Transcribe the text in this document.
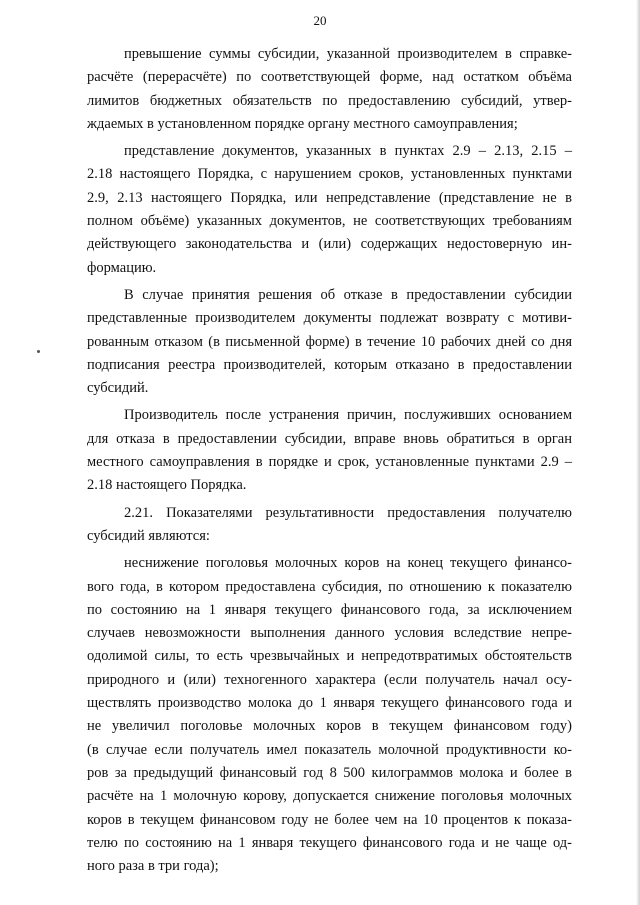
20
превышение суммы субсидии, указанной производителем в справке-
расчёте (перерасчёте) по соответствующей форме, над остатком объёма
лимитов бюджетных обязательств по предоставлению субсидий, утвер-
ждаемых в установленном порядке органу местного самоуправления;
представление документов, указанных в пунктах 2.9 – 2.13, 2.15 –
2.18 настоящего Порядка, с нарушением сроков, установленных пунктами
2.9, 2.13 настоящего Порядка, или непредставление (представление не в
полном объёме) указанных документов, не соответствующих требованиям
действующего законодательства и (или) содержащих недостоверную ин-
формацию.
В случае принятия решения об отказе в предоставлении субсидии
представленные производителем документы подлежат возврату с мотиви-
рованным отказом (в письменной форме) в течение 10 рабочих дней со дня
подписания реестра производителей, которым отказано в предоставлении
субсидий.
Производитель после устранения причин, послуживших основанием
для отказа в предоставлении субсидии, вправе вновь обратиться в орган
местного самоуправления в порядке и срок, установленные пунктами 2.9 –
2.18 настоящего Порядка.
2.21. Показателями результативности предоставления получателю
субсидий являются:
неснижение поголовья молочных коров на конец текущего финансо-
вого года, в котором предоставлена субсидия, по отношению к показателю
по состоянию на 1 января текущего финансового года, за исключением
случаев невозможности выполнения данного условия вследствие непре-
одолимой силы, то есть чрезвычайных и непредотвратимых обстоятельств
природного и (или) техногенного характера (если получатель начал осу-
ществлять производство молока до 1 января текущего финансового года и
не увеличил поголовье молочных коров в текущем финансовом году)
(в случае если получатель имел показатель молочной продуктивности ко-
ров за предыдущий финансовый год 8 500 килограммов молока и более в
расчёте на 1 молочную корову, допускается снижение поголовья молочных
коров в текущем финансовом году не более чем на 10 процентов к показа-
телю по состоянию на 1 января текущего финансового года и не чаще од-
ного раза в три года);
